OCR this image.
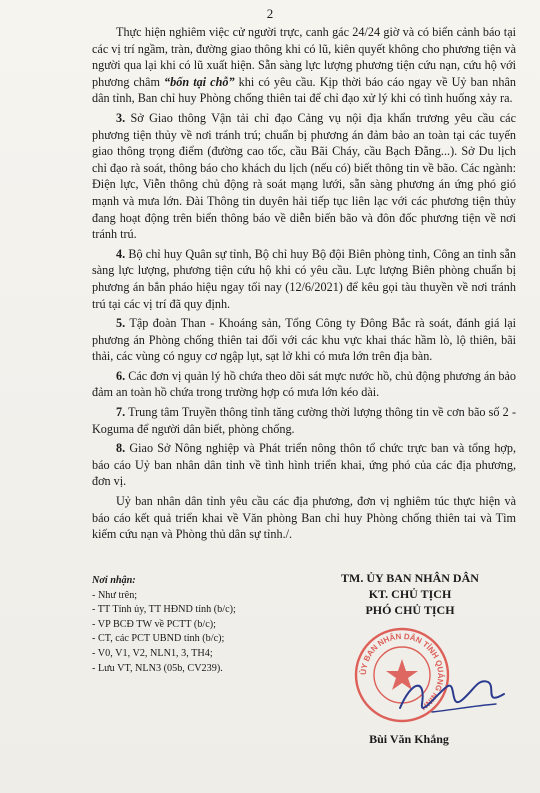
2

Thực hiện nghiêm việc cử người trực, canh gác 24/24 giờ và có biển cảnh báo tại các vị trí ngầm, tràn, đường giao thông khi có lũ, kiên quyết không cho phương tiện và người qua lại khi có lũ xuất hiện. Sẵn sàng lực lượng phương tiện cứu nạn, cứu hộ với phương châm “bốn tại chỗ” khi có yêu cầu. Kịp thời báo cáo ngay về Uỷ ban nhân dân tỉnh, Ban chỉ huy Phòng chống thiên tai để chỉ đạo xử lý khi có tình huống xảy ra.

3. Sở Giao thông Vận tải chỉ đạo Cảng vụ nội địa khẩn trương yêu cầu các phương tiện thủy về nơi tránh trú; chuẩn bị phương án đảm bảo an toàn tại các tuyến giao thông trọng điểm (đường cao tốc, cầu Bãi Cháy, cầu Bạch Đằng...). Sở Du lịch chỉ đạo rà soát, thông báo cho khách du lịch (nếu có) biết thông tin về bão. Các ngành: Điện lực, Viễn thông chủ động rà soát mạng lưới, sẵn sàng phương án ứng phó gió mạnh và mưa lớn. Đài Thông tin duyên hải tiếp tục liên lạc với các phương tiện thủy đang hoạt động trên biển thông báo về diễn biến bão và đôn đốc phương tiện về nơi tránh trú.

4. Bộ chỉ huy Quân sự tỉnh, Bộ chỉ huy Bộ đội Biên phòng tỉnh, Công an tỉnh sẵn sàng lực lượng, phương tiện cứu hộ khi có yêu cầu. Lực lượng Biên phòng chuẩn bị phương án bắn pháo hiệu ngay tối nay (12/6/2021) để kêu gọi tàu thuyền về nơi tránh trú tại các vị trí đã quy định.

5. Tập đoàn Than - Khoáng sản, Tổng Công ty Đông Bắc rà soát, đánh giá lại phương án Phòng chống thiên tai đối với các khu vực khai thác hầm lò, lộ thiên, bãi thải, các vùng có nguy cơ ngập lụt, sạt lở khi có mưa lớn trên địa bàn.

6. Các đơn vị quản lý hồ chứa theo dõi sát mực nước hồ, chủ động phương án bảo đảm an toàn hồ chứa trong trường hợp có mưa lớn kéo dài.

7. Trung tâm Truyền thông tỉnh tăng cường thời lượng thông tin về cơn bão số 2 - Koguma để người dân biết, phòng chống.

8. Giao Sở Nông nghiệp và Phát triển nông thôn tổ chức trực ban và tổng hợp, báo cáo Uỷ ban nhân dân tỉnh về tình hình triển khai, ứng phó của các địa phương, đơn vị.

Uỷ ban nhân dân tỉnh yêu cầu các địa phương, đơn vị nghiêm túc thực hiện và báo cáo kết quả triển khai về Văn phòng Ban chỉ huy Phòng chống thiên tai và Tìm kiếm cứu nạn và Phòng thủ dân sự tỉnh./.

Nơi nhận:
- Như trên;
- TT Tỉnh ủy, TT HĐND tỉnh (b/c);
- VP BCĐ TW về PCTT (b/c);
- CT, các PCT UBND tỉnh (b/c);
- V0, V1, V2, NLN1, 3, TH4;
- Lưu VT, NLN3 (05b, CV239).
TM. ỦY BAN NHÂN DÂN
KT. CHỦ TỊCH
PHÓ CHỦ TỊCH
ỦY BAN NHÂN DÂN TỈNH QUẢNG NINH
Bùi Văn Khắng
